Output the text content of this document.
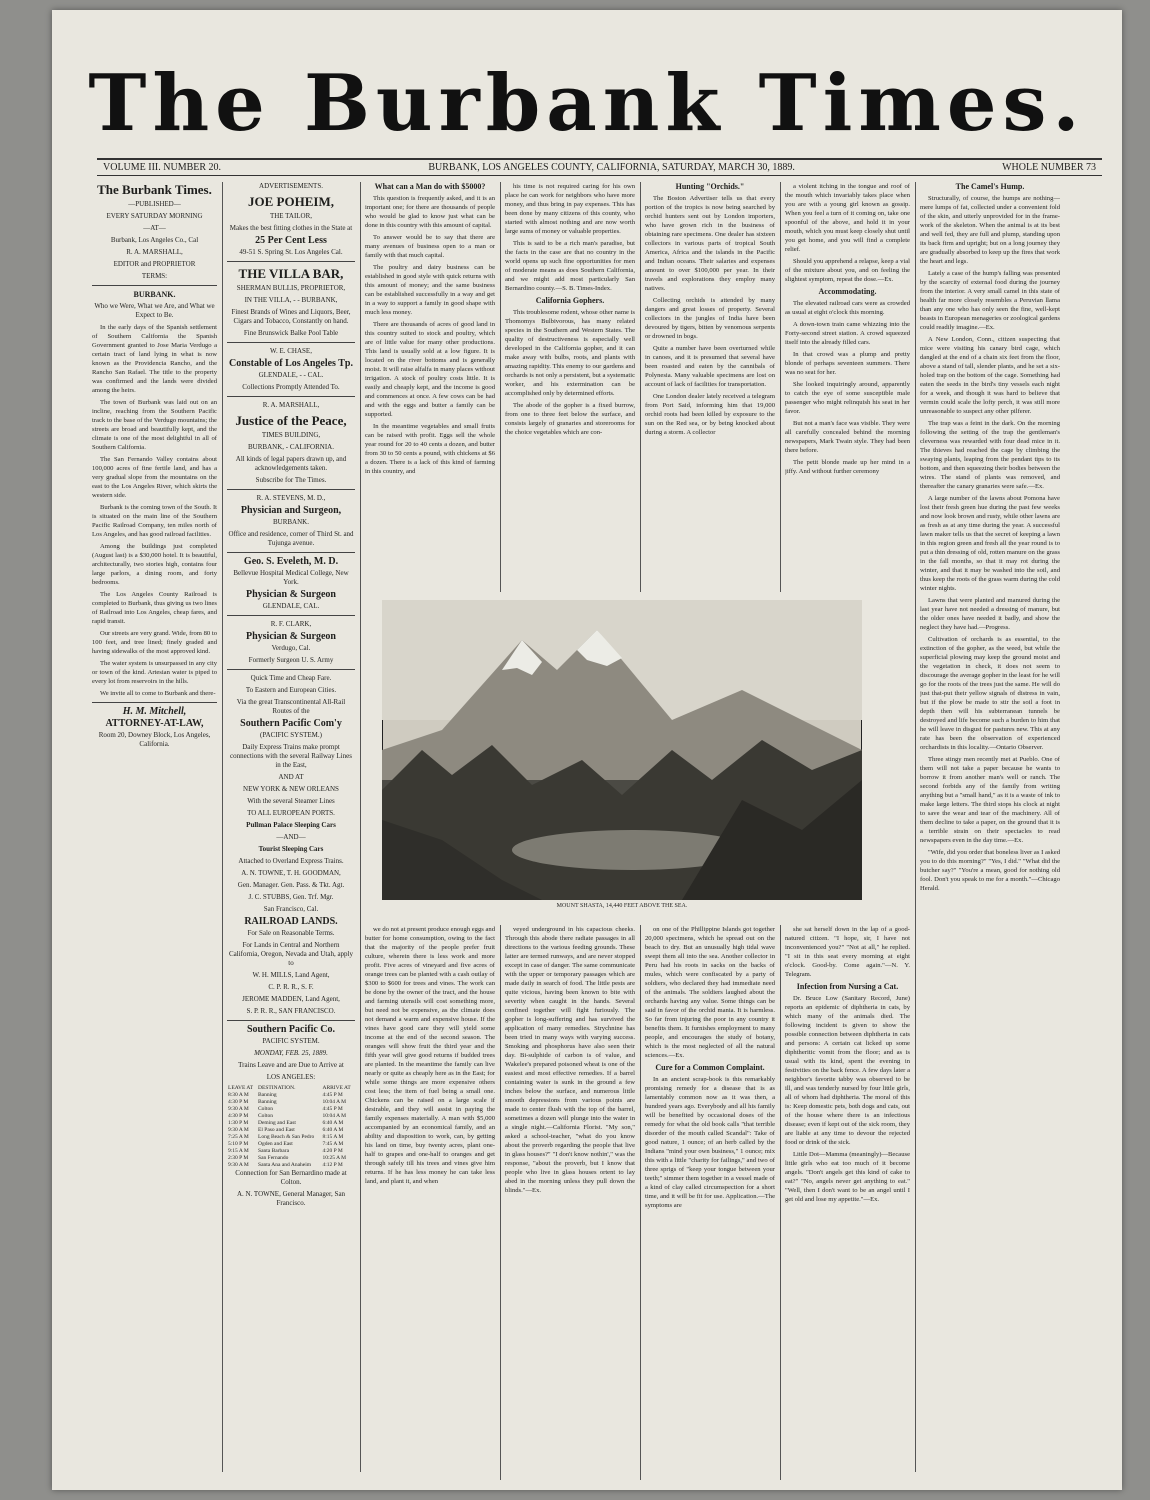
The Burbank Times.
VOLUME III. NUMBER 20.	BURBANK, LOS ANGELES COUNTY, CALIFORNIA, SATURDAY, MARCH 30, 1889.	WHOLE NUMBER 73

The Burbank Times.

—PUBLISHED—

EVERY SATURDAY MORNING

—AT—

Burbank, Los Angeles Co., Cal

R. A. MARSHALL,

EDITOR and PROPRIETOR

TERMS:

BURBANK.

Who we Were, What we Are, and What we Expect to Be.

In the early days of the Spanish settlement of Southern California the Spanish Government granted to Jose Maria Verdugo a certain tract of land lying in what is now known as the Providencia Rancho, and the Rancho San Rafael. The title to the property was confirmed and the lands were divided among the heirs.

The town of Burbank was laid out on an incline, reaching from the Southern Pacific track to the base of the Verdugo mountains; the streets are broad and beautifully kept, and the climate is one of the most delightful in all of Southern California.

The San Fernando Valley contains about 100,000 acres of fine fertile land, and has a very gradual slope from the mountains on the east to the Los Angeles River, which skirts the western side.

Burbank is the coming town of the South. It is situated on the main line of the Southern Pacific Railroad Company, ten miles north of Los Angeles, and has good railroad facilities.

Among the buildings just completed (August last) is a $30,000 hotel. It is beautiful, architecturally, two stories high, contains four large parlors, a dining room, and forty bedrooms.

The Los Angeles County Railroad is completed to Burbank, thus giving us two lines of Railroad into Los Angeles, cheap fares, and rapid transit.

Our streets are very grand. Wide, from 80 to 100 feet, and tree lined; finely graded and having sidewalks of the most approved kind.

The water system is unsurpassed in any city or town of the kind. Artesian water is piped to every lot from reservoirs in the hills.

We invite all to come to Burbank and there-

H. M. Mitchell,

ATTORNEY-AT-LAW,

Room 20, Downey Block, Los Angeles, California.

ADVERTISEMENTS.

JOE POHEIM,

THE TAILOR,

Makes the best fitting clothes in the State at

25 Per Cent Less

49-51 S. Spring St. Los Angeles Cal.

THE VILLA BAR,

SHERMAN BULLIS, PROPRIETOR,

IN THE VILLA, - - BURBANK,

Finest Brands of Wines and Liquors, Beer, Cigars and Tobacco, Constantly on hand.

Fine Brunswick Balke Pool Table

W. E. CHASE,

Constable of Los Angeles Tp.

GLENDALE, - - CAL.

Collections Promptly Attended To.

R. A. MARSHALL,

Justice of the Peace,

TIMES BUILDING,

BURBANK, - CALIFORNIA.

All kinds of legal papers drawn up, and acknowledgements taken.

Subscribe for The Times.

R. A. STEVENS, M. D.,

Physician and Surgeon,

BURBANK.

Office and residence, corner of Third St. and Tujunga avenue.

Geo. S. Eveleth, M. D.

Bellevue Hospital Medical College, New York.

Physician & Surgeon

GLENDALE, CAL.

R. F. CLARK,

Physician & Surgeon

Verdugo, Cal.

Formerly Surgeon U. S. Army

Quick Time and Cheap Fare.

To Eastern and European Cities.

Via the great Transcontinental All-Rail Routes of the

Southern Pacific Com'y

(PACIFIC SYSTEM.)

Daily Express Trains make prompt connections with the several Railway Lines in the East,

AND AT

NEW YORK & NEW ORLEANS

With the several Steamer Lines

TO ALL EUROPEAN PORTS.

Pullman Palace Sleeping Cars

—AND—

Tourist Sleeping Cars

Attached to Overland Express Trains.

A. N. TOWNE, T. H. GOODMAN,

Gen. Manager. Gen. Pass. & Tkt. Agt.

J. C. STUBBS, Gen. Trf. Mgr.

San Francisco, Cal.

RAILROAD LANDS.

For Sale on Reasonable Terms.

For Lands in Central and Northern California, Oregon, Nevada and Utah, apply to

W. H. MILLS, Land Agent,

C. P. R. R., S. F.

JEROME MADDEN, Land Agent,

S. P. R. R., SAN FRANCISCO.

Southern Pacific Co.

PACIFIC SYSTEM.

MONDAY, FEB. 25, 1889.

Trains Leave and are Due to Arrive at

LOS ANGELES:

LEAVE AT	DESTINATION.	ARRIVE AT
8:30 A M	Banning	4:45 P M
4:30 P M	Banning	10:04 A M
9:30 A M	Colton	4:45 P M
4:30 P M	Colton	10:04 A M
1:30 P M	Deming and East	6:40 A M
9:30 A M	El Paso and East	6:40 A M
7:25 A M	Long Beach & San Pedro	8:15 A M
5:10 P M	Ogden and East	7:45 A M
9:15 A M	Santa Barbara	4:20 P M
2:30 P M	San Fernando	10:25 A M
9:30 A M	Santa Ana and Anaheim	4:12 P M

Connection for San Bernardino made at Colton.

A. N. TOWNE, General Manager, San Francisco.

What can a Man do with $5000?

This question is frequently asked, and it is an important one; for there are thousands of people who would be glad to know just what can be done in this country with this amount of capital.

To answer would be to say that there are many avenues of business open to a man or family with that much capital.

The poultry and dairy business can be established in good style with quick returns with this amount of money; and the same business can be established successfully in a way and get in a way to support a family in good shape with much less money.

There are thousands of acres of good land in this country suited to stock and poultry, which are of little value for many other productions. This land is usually sold at a low figure. It is located on the river bottoms and is generally moist. It will raise alfalfa in many places without irrigation. A stock of poultry costs little. It is easily and cheaply kept, and the income is good and commences at once. A few cows can be had and with the eggs and butter a family can be supported.

In the meantime vegetables and small fruits can be raised with profit. Eggs sell the whole year round for 20 to 40 cents a dozen, and butter from 30 to 50 cents a pound, with chickens at $6 a dozen. There is a lack of this kind of farming in this country, and

his time is not required caring for his own place he can work for neighbors who have more money, and thus bring in pay expenses. This has been done by many citizens of this county, who started with almost nothing and are now worth large sums of money or valuable properties.

This is said to be a rich man's paradise, but the facts in the case are that no country in the world opens up such fine opportunities for men of moderate means as does Southern California, and we might add most particularly San Bernardino county.—S. B. Times-Index.

California Gophers.

This troublesome rodent, whose other name is Thomomys Bulbivorous, has many related species in the Southern and Western States. The quality of destructiveness is especially well developed in the California gopher, and it can make away with bulbs, roots, and plants with amazing rapidity. This enemy to our gardens and orchards is not only a persistent, but a systematic worker, and his extermination can be accomplished only by determined efforts.

The abode of the gopher is a fixed burrow, from one to three feet below the surface, and consists largely of granaries and storerooms for the choice vegetables which are con-

Hunting "Orchids."

The Boston Advertiser tells us that every portion of the tropics is now being searched by orchid hunters sent out by London importers, who have grown rich in the business of obtaining rare specimens. One dealer has sixteen collectors in various parts of tropical South America, Africa and the islands in the Pacific and Indian oceans. Their salaries and expenses amount to over $100,000 per year. In their travels and explorations they employ many natives.

Collecting orchids is attended by many dangers and great losses of property. Several collectors in the jungles of India have been devoured by tigers, bitten by venomous serpents or drowned in bogs.

Quite a number have been overturned while in canoes, and it is presumed that several have been roasted and eaten by the cannibals of Polynesia. Many valuable specimens are lost on account of lack of facilities for transportation.

One London dealer lately received a telegram from Port Said, informing him that 19,000 orchid roots had been killed by exposure to the sun on the Red sea, or by being knocked about during a storm. A collector

a violent itching in the tongue and roof of the mouth which invariably takes place when you are with a young girl known as gossip. When you feel a turn of it coming on, take one spoonful of the above, and hold it in your mouth, which you must keep closely shut until you get home, and you will find a complete relief.

Should you apprehend a relapse, keep a vial of the mixture about you, and on feeling the slightest symptom, repeat the dose.—Ex.

Accommodating.

The elevated railroad cars were as crowded as usual at eight o'clock this morning.

A down-town train came whizzing into the Forty-second street station. A crowd squeezed itself into the already filled cars.

In that crowd was a plump and pretty blonde of perhaps seventeen summers. There was no seat for her.

She looked inquiringly around, apparently to catch the eye of some susceptible male passenger who might relinquish his seat in her favor.

But not a man's face was visible. They were all carefully concealed behind the morning newspapers, Mark Twain style. They had been there before.

The petit blonde made up her mind in a jiffy. And without further ceremony

The Camel's Hump.

Structurally, of course, the humps are nothing—mere lumps of fat, collected under a convenient fold of the skin, and utterly unprovided for in the frame-work of the skeleton. When the animal is at its best and well fed, they are full and plump, standing upon its back firm and upright; but on a long journey they are gradually absorbed to keep up the fires that work the heart and legs.

Lately a case of the hump's falling was presented by the scarcity of external food during the journey from the interior. A very small camel in this state of health far more closely resembles a Peruvian llama than any one who has only seen the fine, well-kept beasts in European menageries or zoological gardens could readily imagine.—Ex.

A New London, Conn., citizen suspecting that mice were visiting his canary bird cage, which dangled at the end of a chain six feet from the floor, above a stand of tall, slender plants, and he set a six-holed trap on the bottom of the cage. Something had eaten the seeds in the bird's tiny vessels each night for a week, and though it was hard to believe that vermin could scale the lofty perch, it was still more unreasonable to suspect any other pilferer.

The trap was a feint in the dark. On the morning following the setting of the trap the gentleman's cleverness was rewarded with four dead mice in it. The thieves had reached the cage by climbing the swaying plants, leaping from the pendant tips to its bottom, and then squeezing their bodies between the wires. The stand of plants was removed, and thereafter the canary granaries were safe.—Ex.

A large number of the lawns about Pomona have lost their fresh green hue during the past few weeks and now look brown and rusty, while other lawns are as fresh as at any time during the year. A successful lawn maker tells us that the secret of keeping a lawn in this region green and fresh all the year round is to put a thin dressing of old, rotten manure on the grass in the fall months, so that it may rot during the winter, and that it may be washed into the soil, and thus keep the roots of the grass warm during the cold winter nights.

Lawns that were planted and manured during the last year have not needed a dressing of manure, but the older ones have needed it badly, and show the neglect they have had.—Progress.

Cultivation of orchards is as essential, to the extinction of the gopher, as the weed, but while the superficial plowing may keep the ground moist and the vegetation in check, it does not seem to discourage the average gopher in the least for he will go for the roots of the trees just the same. He will do just that-put their yellow signals of distress in vain, but if the plow be made to stir the soil a foot in depth then will his subterranean tunnels be destroyed and life become such a burden to him that he will leave in disgust for pastures new. This at any rate has been the observation of experienced orchardists in this locality.—Ontario Observer.

Three stingy men recently met at Pueblo. One of them will not take a paper because he wants to borrow it from another man's well or ranch. The second forbids any of the family from writing anything but a "small hand," as it is a waste of ink to make large letters. The third stops his clock at night to save the wear and tear of the machinery. All of them decline to take a paper, on the ground that it is a terrible strain on their spectacles to read newspapers even in the day time.—Ex.

"Wife, did you order that boneless liver as I asked you to do this morning?" "Yes, I did." "What did the butcher say?" "You're a mean, good for nothing old fool. Don't you speak to me for a month."—Chicago Herald.

MOUNT SHASTA, 14,440 FEET ABOVE THE SEA.

we do not at present produce enough eggs and butter for home consumption, owing to the fact that the majority of the people prefer fruit culture, wherein there is less work and more profit. Five acres of vineyard and five acres of orange trees can be planted with a cash outlay of $300 to $600 for trees and vines. The work can be done by the owner of the tract, and the house and farming utensils will cost something more, but need not be expensive, as the climate does not demand a warm and expensive house. If the vines have good care they will yield some income at the end of the second season. The oranges will show fruit the third year and the fifth year will give good returns if budded trees are planted. In the meantime the family can live nearly or quite as cheaply here as in the East; for while some things are more expensive others cost less; the item of fuel being a small one. Chickens can be raised on a large scale if desirable, and they will assist in paying the family expenses materially. A man with $5,000 accompanied by an economical family, and an ability and disposition to work, can, by getting his land on time, buy twenty acres, plant one-half to grapes and one-half to oranges and get through safely till his trees and vines give him returns. If he has less money he can take less land, and plant it, and when

veyed underground in his capacious cheeks. Through this abode there radiate passages in all directions to the various feeding grounds. These latter are termed runways, and are never stopped except in case of danger. The same communicate with the upper or temporary passages which are made daily in search of food. The little pests are quite vicious, having been known to bite with severity when caught in the hands. Several confined together will fight furiously. The gopher is long-suffering and has survived the application of many remedies. Strychnine has been tried in many ways with varying success. Smoking and phosphorus have also seen their day. Bi-sulphide of carbon is of value, and Wakelee's prepared poisoned wheat is one of the easiest and most effective remedies. If a barrel containing water is sunk in the ground a few inches below the surface, and numerous little smooth depressions from various points are made to center flush with the top of the barrel, sometimes a dozen will plunge into the water in a single night.—California Florist. "My son," asked a school-teacher, "what do you know about the proverb regarding the people that live in glass houses?" "I don't know nothin'," was the response, "about the proverb, but I know that people who live in glass houses ortent to lay abed in the morning unless they pull down the blinds."—Ex.

on one of the Phillippine Islands got together 20,000 specimens, which he spread out on the beach to dry. But an unusually high tidal wave swept them all into the sea. Another collector in Peru had his roots in sacks on the backs of mules, which were confiscated by a party of soldiers, who declared they had immediate need of the animals. The soldiers laughed about the orchards having any value. Some things can be said in favor of the orchid mania. It is harmless. So far from injuring the poor in any country it benefits them. It furnishes employment to many people, and encourages the study of botany, which is the most neglected of all the natural sciences.—Ex.

Cure for a Common Complaint.

In an ancient scrap-book is this remarkably promising remedy for a disease that is as lamentably common now as it was then, a hundred years ago. Everybody and all his family will be benefited by occasional doses of the remedy for what the old book calls "that terrible disorder of the mouth called Scandal": Take of good nature, 1 ounce; of an herb called by the Indians "mind your own business," 1 ounce; mix this with a little "charity for failings," and two of three sprigs of "keep your tongue between your teeth;" simmer them together in a vessel made of a kind of clay called circumspection for a short time, and it will be fit for use. Application.—The symptoms are

she sat herself down in the lap of a good-natured citizen. "I hope, sir, I have not inconvenienced you?" "Not at all," he replied. "I sit in this seat every morning at eight o'clock. Good-by. Come again."—N. Y. Telegram.

Infection from Nursing a Cat.

Dr. Bruce Low (Sanitary Record, June) reports an epidemic of diphtheria in cats, by which many of the animals died. The following incident is given to show the possible connection between diphtheria in cats and persons: A certain cat licked up some diphtheritic vomit from the floor; and as is usual with its kind, spent the evening in festivities on the back fence. A few days later a neighbor's favorite tabby was observed to be ill, and was tenderly nursed by four little girls, all of whom had diphtheria. The moral of this is: Keep domestic pets, both dogs and cats, out of the house where there is an infectious disease; even if kept out of the sick room, they are liable at any time to devour the rejected food or drink of the sick.

Little Dot—Mamma (meaningly)—Because little girls who eat too much of it become angels. "Don't angels get this kind of cake to eat?" "No, angels never get anything to eat." "Well, then I don't want to be an angel until I get old and lose my appetite."—Ex.
